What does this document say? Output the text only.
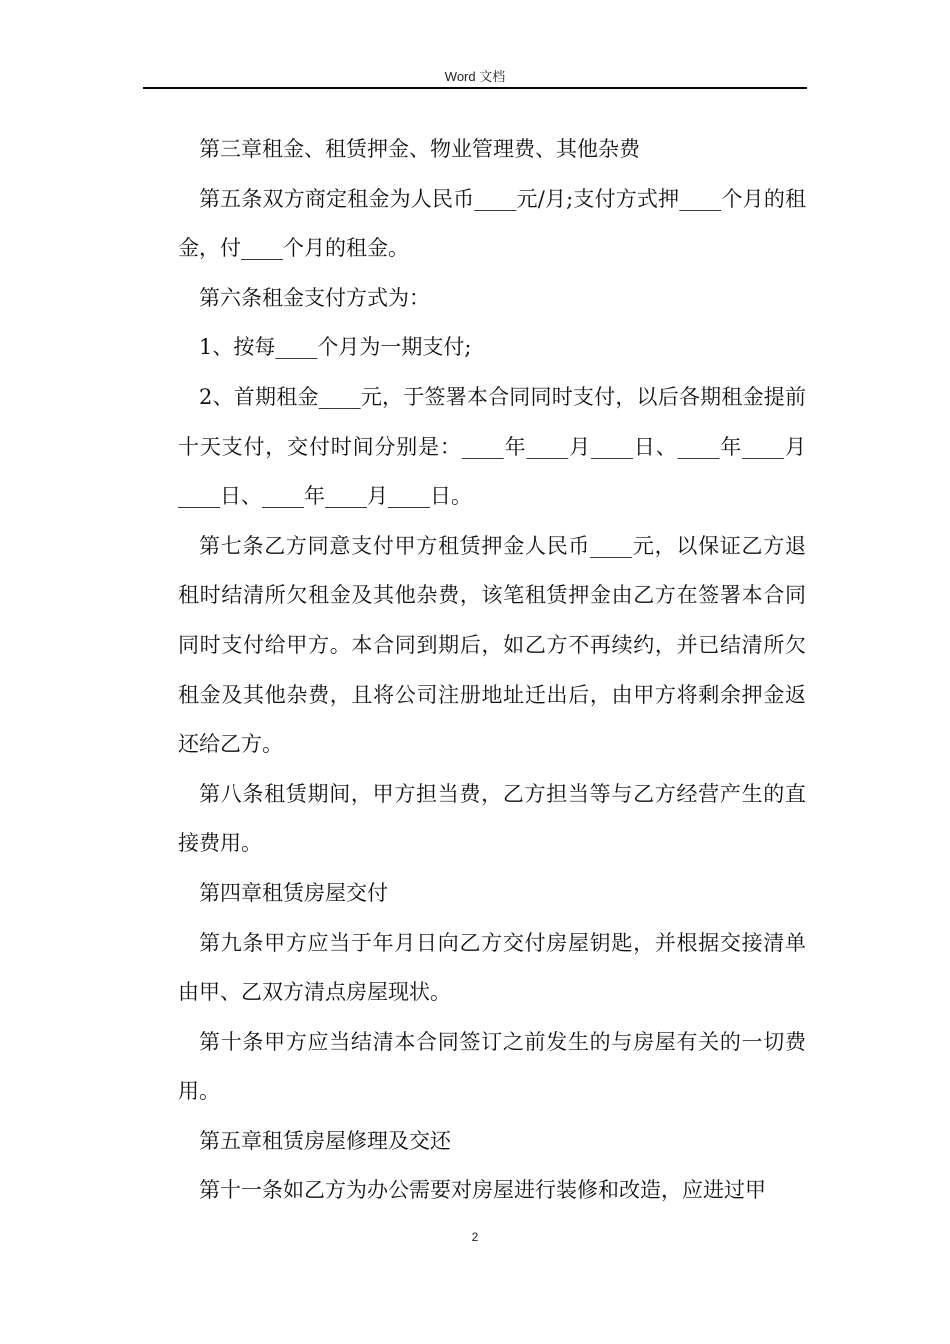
Word 文档

第三章租金、租赁押金、物业管理费、其他杂费

第五条双方商定租金为人民币____元/月;支付方式押____个月的租金，付____个月的租金。

第六条租金支付方式为：

1、按每____个月为一期支付;

2、首期租金____元，于签署本合同同时支付，以后各期租金提前十天支付，交付时间分别是：____年____月____日、____年____月____日、____年____月____日。

第七条乙方同意支付甲方租赁押金人民币____元，以保证乙方退租时结清所欠租金及其他杂费，该笔租赁押金由乙方在签署本合同同时支付给甲方。本合同到期后，如乙方不再续约，并已结清所欠租金及其他杂费，且将公司注册地址迁出后，由甲方将剩余押金返还给乙方。

第八条租赁期间，甲方担当费，乙方担当等与乙方经营产生的直接费用。

第四章租赁房屋交付

第九条甲方应当于年月日向乙方交付房屋钥匙，并根据交接清单由甲、乙双方清点房屋现状。

第十条甲方应当结清本合同签订之前发生的与房屋有关的一切费用。

第五章租赁房屋修理及交还

第十一条如乙方为办公需要对房屋进行装修和改造，应进过甲

2
